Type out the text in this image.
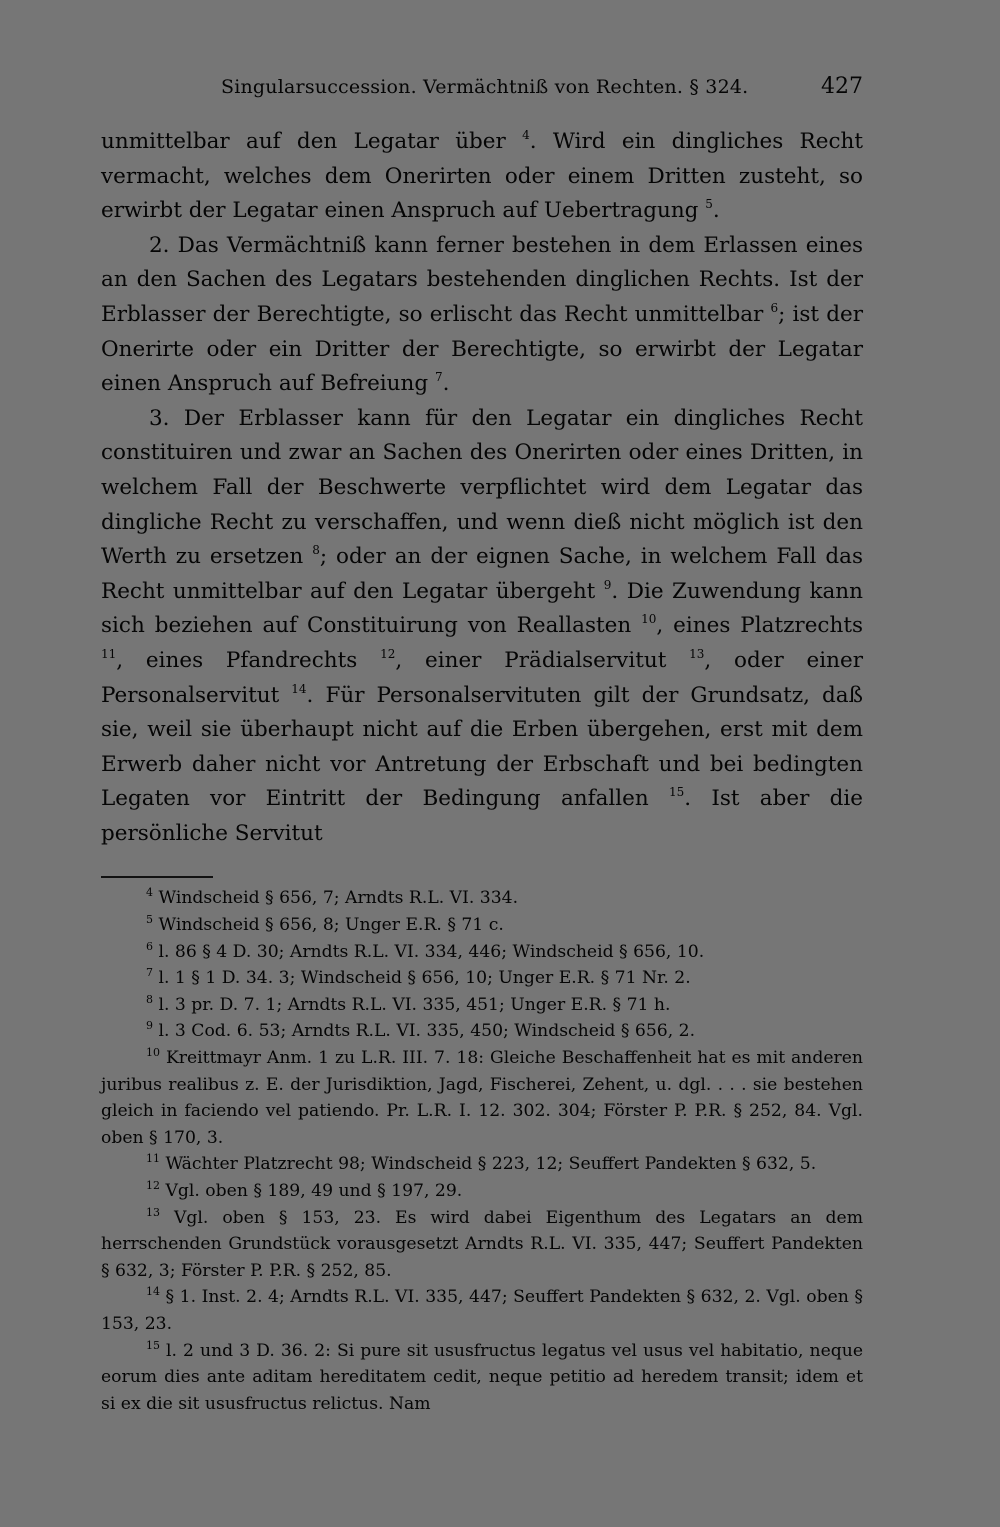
Singularsuccession. Vermächtniß von Rechten. § 324.	427

unmittelbar auf den Legatar über $^4$. Wird ein dingliches Recht vermacht, welches dem Onerirten oder einem Dritten zusteht, so erwirbt der Legatar einen Anspruch auf Uebertragung $^5$.

2. Das Vermächtniß kann ferner bestehen in dem Erlassen eines an den Sachen des Legatars bestehenden dinglichen Rechts. Ist der Erblasser der Berechtigte, so erlischt das Recht unmittelbar $^6$; ist der Onerirte oder ein Dritter der Berechtigte, so erwirbt der Legatar einen Anspruch auf Befreiung $^7$.

3. Der Erblasser kann für den Legatar ein dingliches Recht constituiren und zwar an Sachen des Onerirten oder eines Dritten, in welchem Fall der Beschwerte verpflichtet wird dem Legatar das dingliche Recht zu verschaffen, und wenn dieß nicht möglich ist den Werth zu ersetzen $^8$; oder an der eignen Sache, in welchem Fall das Recht unmittelbar auf den Legatar übergeht $^9$. Die Zuwendung kann sich beziehen auf Constituirung von Reallasten $^{10}$, eines Platzrechts $^{11}$, eines Pfandrechts $^{12}$, einer Prädialservitut $^{13}$, oder einer Personalservitut $^{14}$. Für Personalservituten gilt der Grundsatz, daß sie, weil sie überhaupt nicht auf die Erben übergehen, erst mit dem Erwerb daher nicht vor Antretung der Erbschaft und bei bedingten Legaten vor Eintritt der Bedingung anfallen $^{15}$. Ist aber die persönliche Servitut

$^4$ Windscheid § 656, 7; Arndts R.L. VI. 334.

$^5$ Windscheid § 656, 8; Unger E.R. § 71 c.

$^6$ l. 86 § 4 D. 30; Arndts R.L. VI. 334, 446; Windscheid § 656, 10.

$^7$ l. 1 § 1 D. 34. 3; Windscheid § 656, 10; Unger E.R. § 71 Nr. 2.

$^8$ l. 3 pr. D. 7. 1; Arndts R.L. VI. 335, 451; Unger E.R. § 71 h.

$^9$ l. 3 Cod. 6. 53; Arndts R.L. VI. 335, 450; Windscheid § 656, 2.

$^{10}$ Kreittmayr Anm. 1 zu L.R. III. 7. 18: Gleiche Beschaffenheit hat es mit anderen juribus realibus z. E. der Jurisdiktion, Jagd, Fischerei, Zehent, u. dgl. . . . sie bestehen gleich in faciendo vel patiendo. Pr. L.R. I. 12. 302. 304; Förster P. P.R. § 252, 84. Vgl. oben § 170, 3.

$^{11}$ Wächter Platzrecht 98; Windscheid § 223, 12; Seuffert Pandekten § 632, 5.

$^{12}$ Vgl. oben § 189, 49 und § 197, 29.

$^{13}$ Vgl. oben § 153, 23. Es wird dabei Eigenthum des Legatars an dem herrschenden Grundstück vorausgesetzt Arndts R.L. VI. 335, 447; Seuffert Pandekten § 632, 3; Förster P. P.R. § 252, 85.

$^{14}$ § 1. Inst. 2. 4; Arndts R.L. VI. 335, 447; Seuffert Pandekten § 632, 2. Vgl. oben § 153, 23.

$^{15}$ l. 2 und 3 D. 36. 2: Si pure sit ususfructus legatus vel usus vel habitatio, neque eorum dies ante aditam hereditatem cedit, neque petitio ad heredem transit; idem et si ex die sit ususfructus relictus. Nam
